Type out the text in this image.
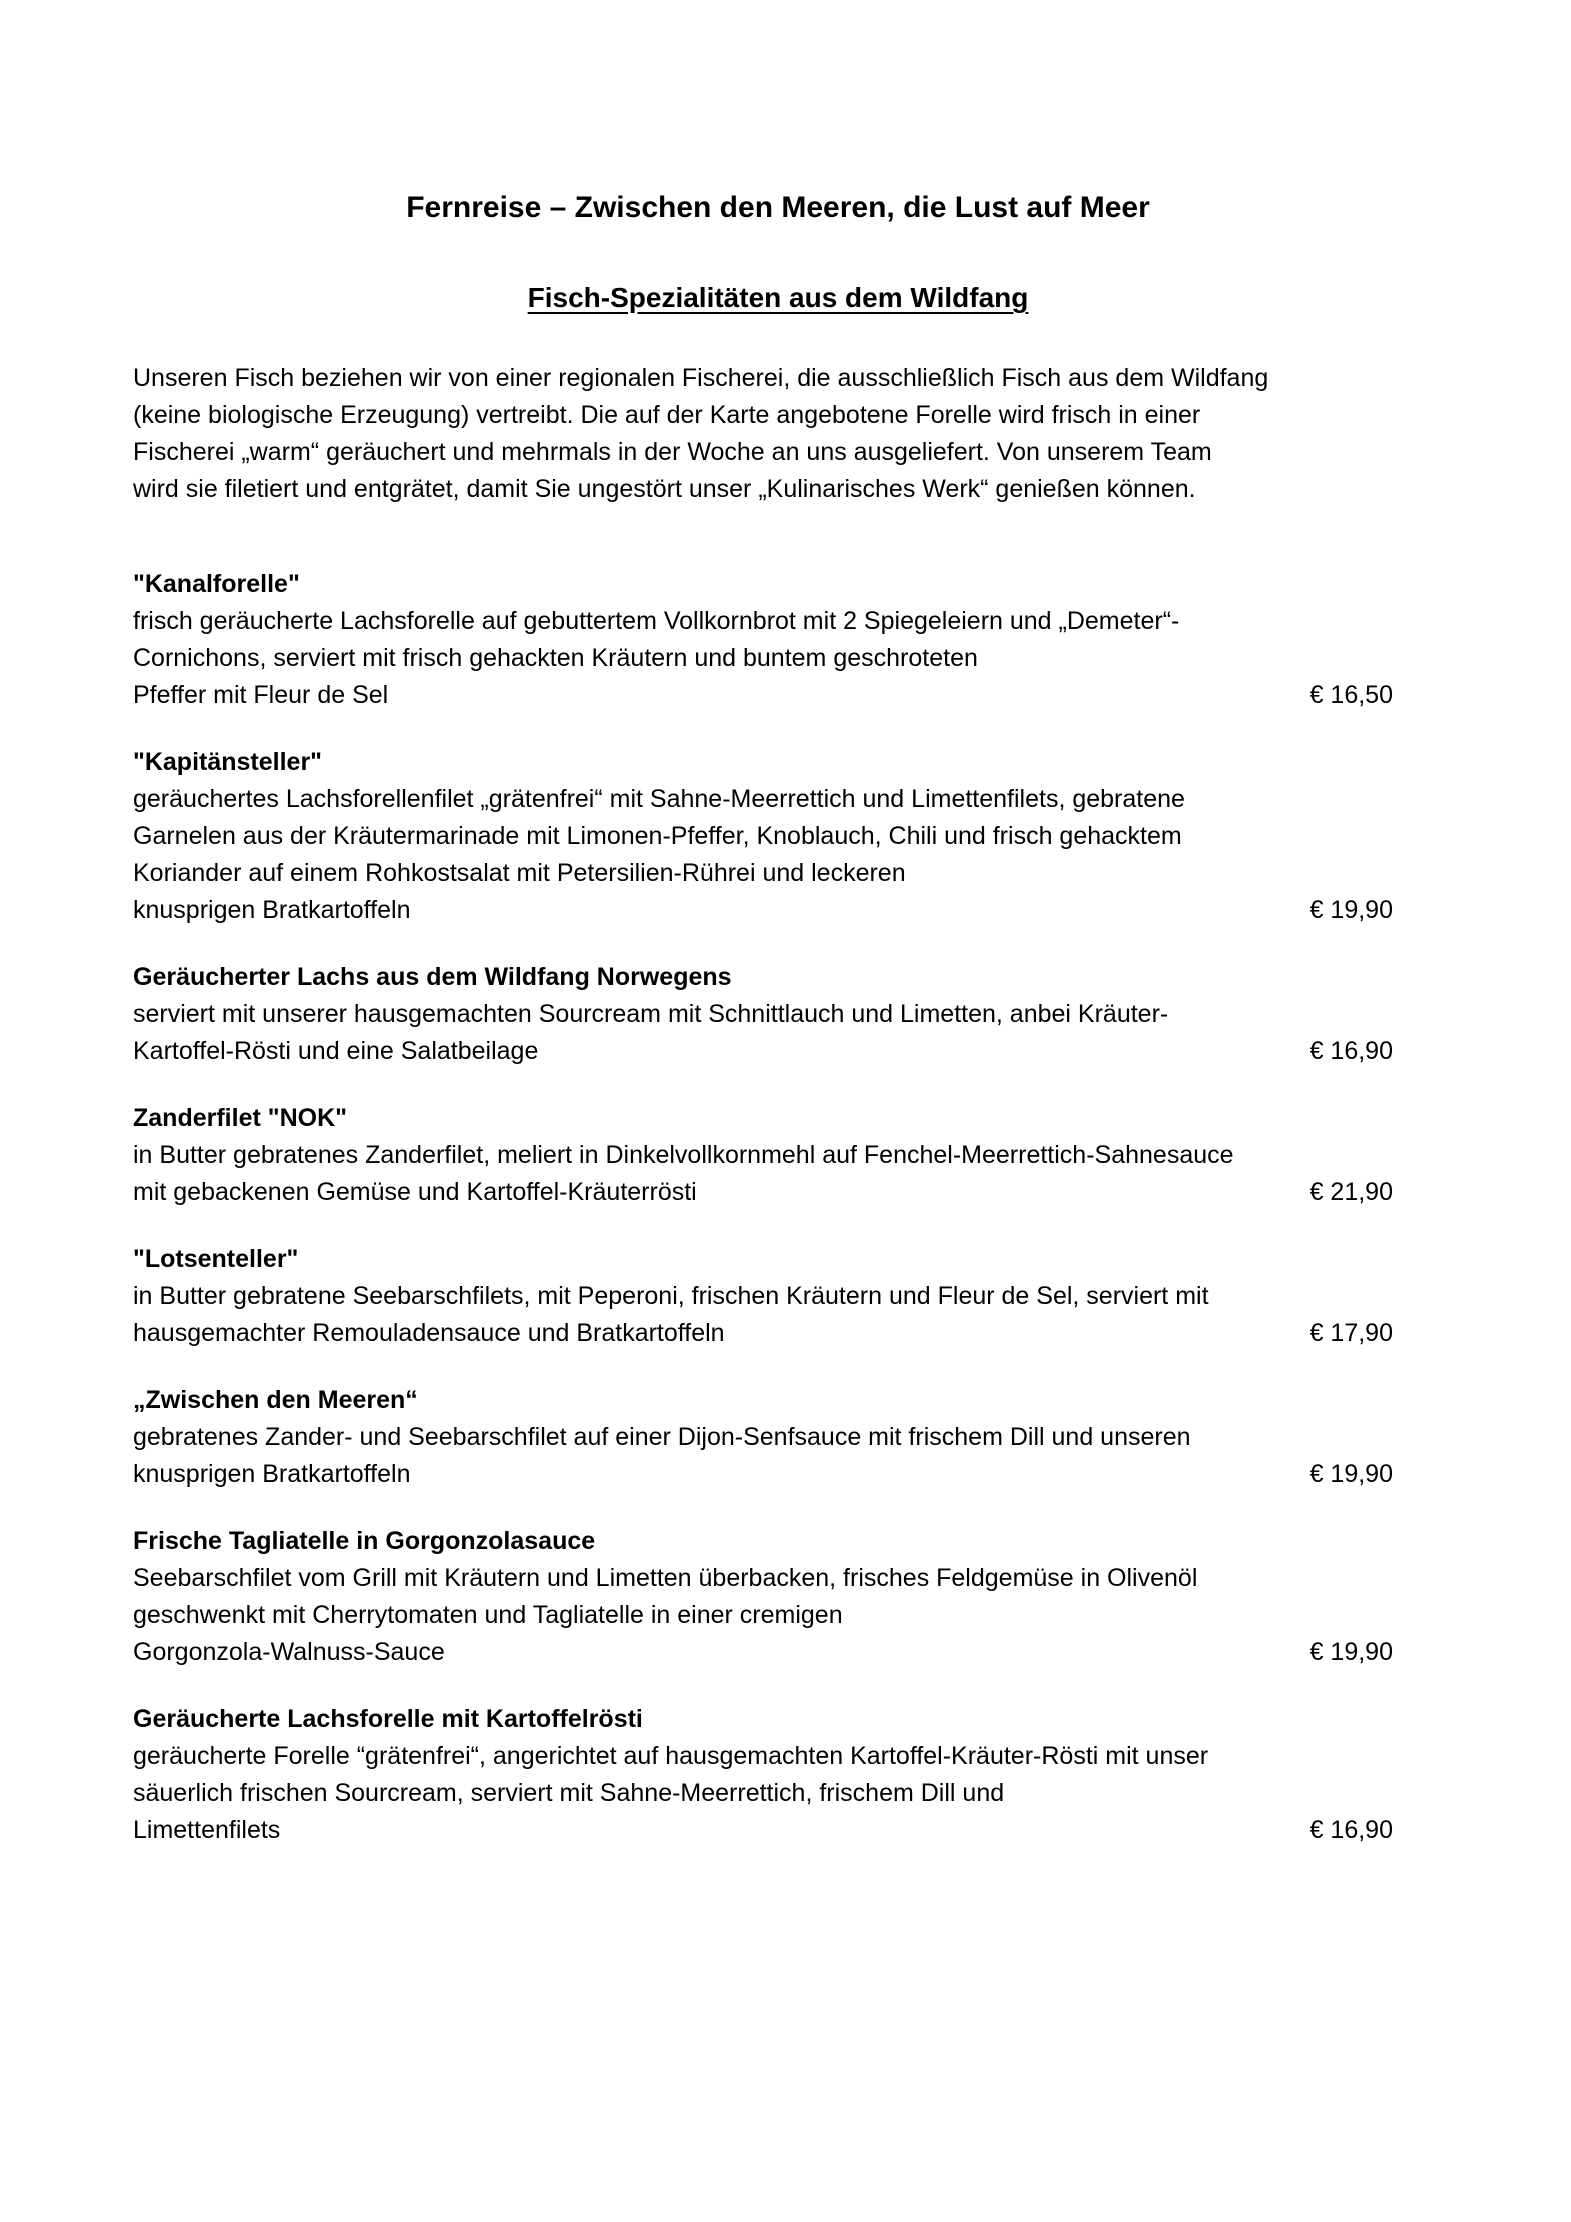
Fernreise – Zwischen den Meeren, die Lust auf Meer
Fisch-Spezialitäten aus dem Wildfang
Unseren Fisch beziehen wir von einer regionalen Fischerei, die ausschließlich Fisch aus dem Wildfang
(keine biologische Erzeugung) vertreibt. Die auf der Karte angebotene Forelle wird frisch in einer
Fischerei „warm“ geräuchert und mehrmals in der Woche an uns ausgeliefert. Von unserem Team
wird sie filetiert und entgrätet, damit Sie ungestört unser „Kulinarisches Werk“ genießen können.
"Kanalforelle"
frisch geräucherte Lachsforelle auf gebuttertem Vollkornbrot mit 2 Spiegeleiern und „Demeter“-
Cornichons, serviert mit frisch gehackten Kräutern und buntem geschroteten
Pfeffer mit Fleur de Sel	€ 16,50
"Kapitänsteller"
geräuchertes Lachsforellenfilet „grätenfrei“ mit Sahne-Meerrettich und Limettenfilets, gebratene
Garnelen aus der Kräutermarinade mit Limonen-Pfeffer, Knoblauch, Chili und frisch gehacktem
Koriander auf einem Rohkostsalat mit Petersilien-Rührei und leckeren
knusprigen Bratkartoffeln	€ 19,90
Geräucherter Lachs aus dem Wildfang Norwegens
serviert mit unserer hausgemachten Sourcream mit Schnittlauch und Limetten, anbei Kräuter-
Kartoffel-Rösti und eine Salatbeilage	€ 16,90
Zanderfilet "NOK"
in Butter gebratenes Zanderfilet, meliert in Dinkelvollkornmehl auf Fenchel-Meerrettich-Sahnesauce
mit gebackenen Gemüse und Kartoffel-Kräuterrösti	€ 21,90
"Lotsenteller"
in Butter gebratene Seebarschfilets, mit Peperoni, frischen Kräutern und Fleur de Sel, serviert mit
hausgemachter Remouladensauce und Bratkartoffeln	€ 17,90
„Zwischen den Meeren“
gebratenes Zander- und Seebarschfilet auf einer Dijon-Senfsauce mit frischem Dill und unseren
knusprigen Bratkartoffeln	€ 19,90
Frische Tagliatelle in Gorgonzolasauce
Seebarschfilet vom Grill mit Kräutern und Limetten überbacken, frisches Feldgemüse in Olivenöl
geschwenkt mit Cherrytomaten und Tagliatelle in einer cremigen
Gorgonzola-Walnuss-Sauce	€ 19,90
Geräucherte Lachsforelle mit Kartoffelrösti
geräucherte Forelle “grätenfrei“, angerichtet auf hausgemachten Kartoffel-Kräuter-Rösti mit unser
säuerlich frischen Sourcream, serviert mit Sahne-Meerrettich, frischem Dill und
Limettenfilets	€ 16,90
